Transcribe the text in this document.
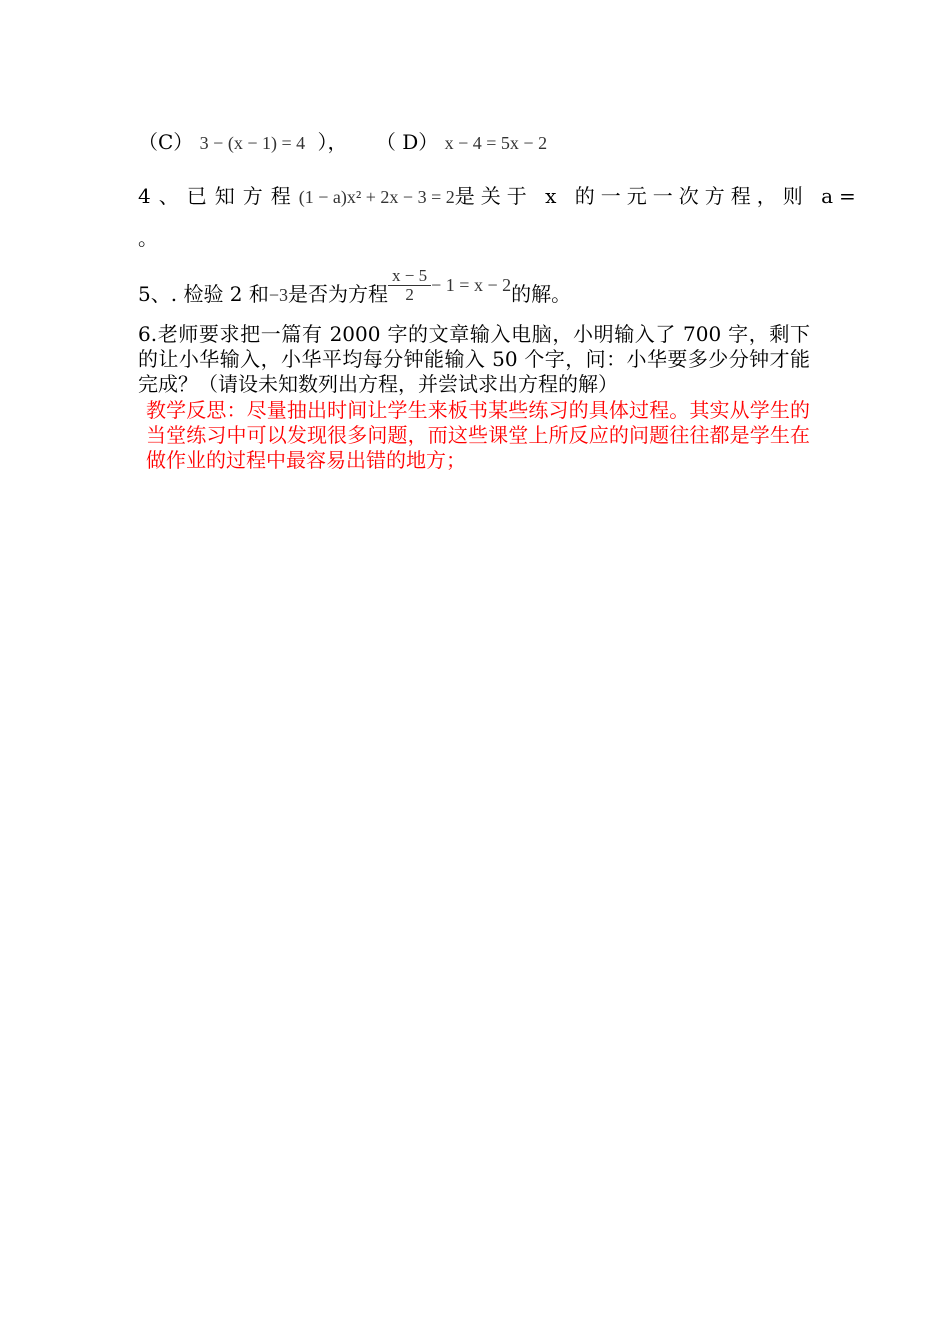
（C） 3 − (x − 1) = 4 ）， （ D） x − 4 = 5x − 2
4、已知方程(1 − a)x² + 2x − 3 = 2是关于 x 的一元一次方程，则 a=
。
5、. 检验 2 和−3是否为方程 $\frac{x - 5}{2} - 1 = x - 2$的解。
6.老师要求把一篇有 2000 字的文章输入电脑，小明输入了 700 字，剩下的让小华输入，小华平均每分钟能输入 50 个字，问：小华要多少分钟才能完成？（请设未知数列出方程，并尝试求出方程的解）
教学反思：尽量抽出时间让学生来板书某些练习的具体过程。其实从学生的当堂练习中可以发现很多问题，而这些课堂上所反应的问题往往都是学生在做作业的过程中最容易出错的地方；
